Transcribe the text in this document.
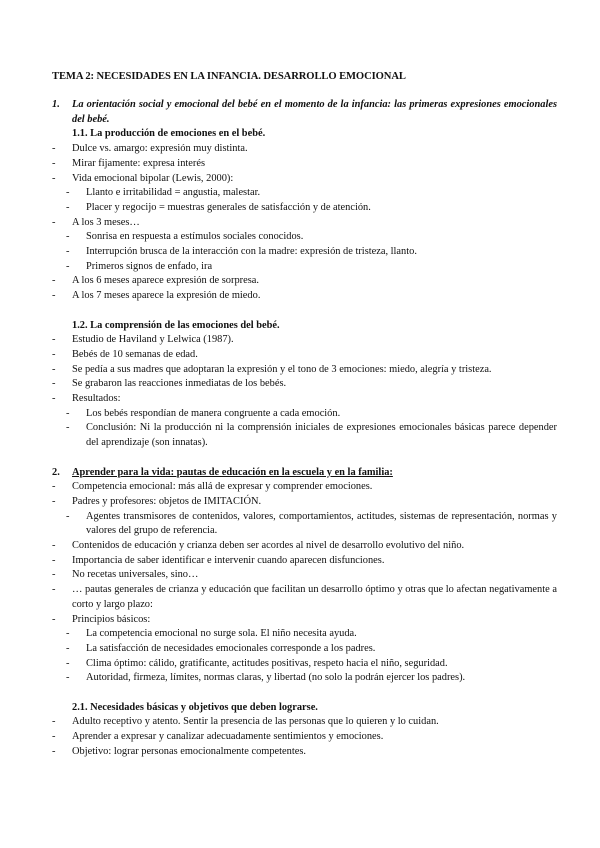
TEMA 2: NECESIDADES EN LA INFANCIA. DESARROLLO EMOCIONAL
1.	La orientación social y emocional del bebé en el momento de la infancia: las primeras expresiones emocionales del bebé.
1.1. La producción de emociones en el bebé.
-	Dulce vs. amargo: expresión muy distinta.
-	Mirar fijamente: expresa interés
-	Vida emocional bipolar (Lewis, 2000):
-	Llanto e irritabilidad = angustia, malestar.
-	Placer y regocijo = muestras generales de satisfacción y de atención.
-	A los 3 meses…
-	Sonrisa en respuesta a estímulos sociales conocidos.
-	Interrupción brusca de la interacción con la madre: expresión de tristeza, llanto.
-	Primeros signos de enfado, ira
-	A los 6 meses aparece expresión de sorpresa.
-	A los 7 meses aparece la expresión de miedo.
1.2. La comprensión de las emociones del bebé.
-	Estudio de Haviland y Lelwica (1987).
-	Bebés de 10 semanas de edad.
-	Se pedía a sus madres que adoptaran la expresión y el tono de 3 emociones: miedo, alegría y tristeza.
-	Se grabaron las reacciones inmediatas de los bebés.
-	Resultados:
-	Los bebés respondían de manera congruente a cada emoción.
-	Conclusión: Ni la producción ni la comprensión iniciales de expresiones emocionales básicas parece depender del aprendizaje (son innatas).
2.	Aprender para la vida: pautas de educación en la escuela y en la familia:
-	Competencia emocional: más allá de expresar y comprender emociones.
-	Padres y profesores: objetos de IMITACIÓN.
-	Agentes transmisores de contenidos, valores, comportamientos, actitudes, sistemas de representación, normas y valores del grupo de referencia.
-	Contenidos de educación y crianza deben ser acordes al nivel de desarrollo evolutivo del niño.
-	Importancia de saber identificar e intervenir cuando aparecen disfunciones.
-	No recetas universales, sino…
-	… pautas generales de crianza y educación que facilitan un desarrollo óptimo y otras que lo afectan negativamente a corto y largo plazo:
-	Principios básicos:
-	La competencia emocional no surge sola. El niño necesita ayuda.
-	La satisfacción de necesidades emocionales corresponde a los padres.
-	Clima óptimo: cálido, gratificante, actitudes positivas, respeto hacia el niño, seguridad.
-	Autoridad, firmeza, límites, normas claras, y libertad (no solo la podrán ejercer los padres).
2.1. Necesidades básicas y objetivos que deben lograrse.
-	Adulto receptivo y atento. Sentir la presencia de las personas que lo quieren y lo cuidan.
-	Aprender a expresar y canalizar adecuadamente sentimientos y emociones.
-	Objetivo: lograr personas emocionalmente competentes.
